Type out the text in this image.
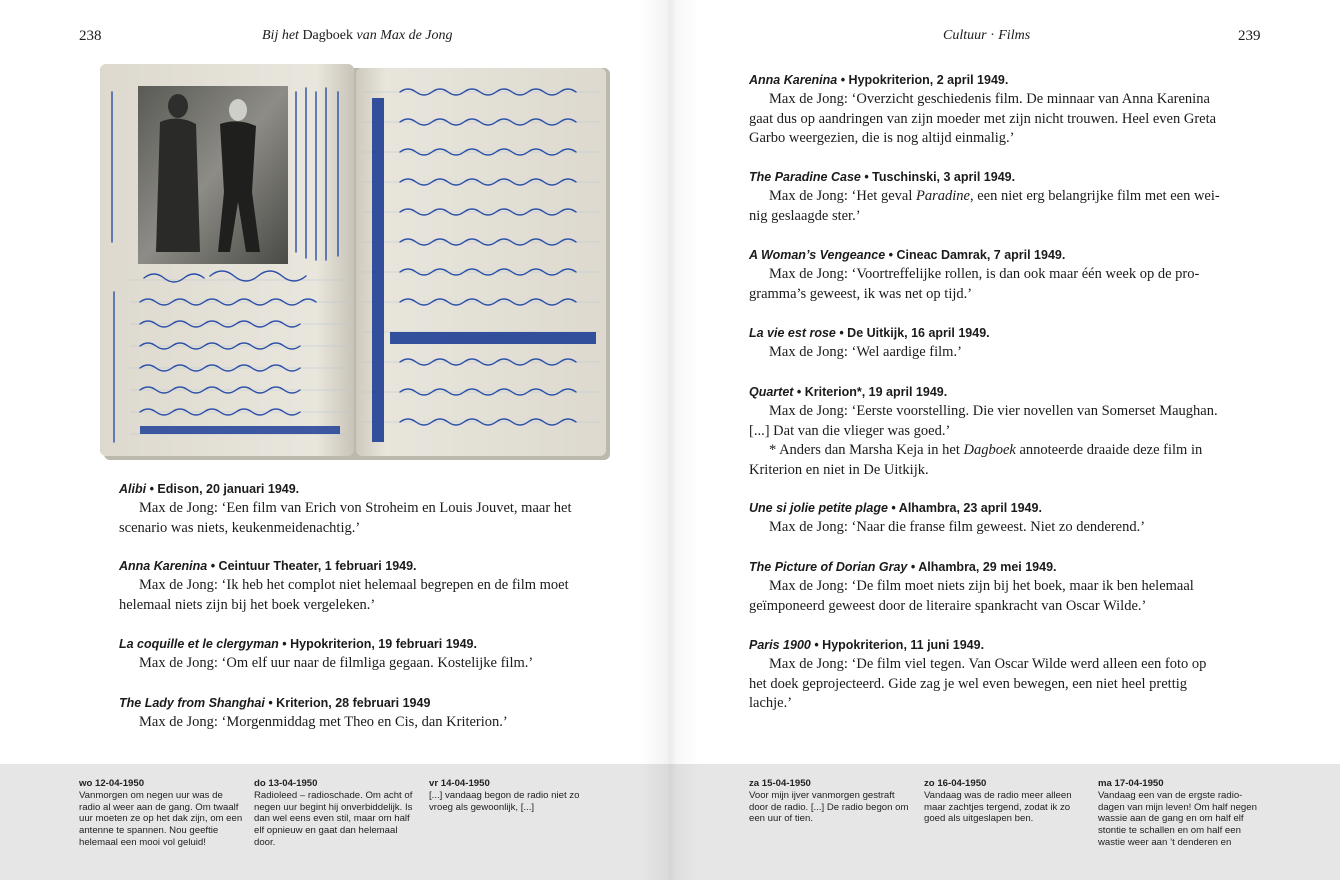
238	Bij het Dagboek van Max de Jong
Alibi • Edison, 20 januari 1949.

Max de Jong: ‘Een film van Erich von Stroheim en Louis Jouvet, maar het scenario was niets, keukenmeidenachtig.’

Anna Karenina • Ceintuur Theater, 1 februari 1949.

Max de Jong: ‘Ik heb het complot niet helemaal begrepen en de film moet helemaal niets zijn bij het boek vergeleken.’

La coquille et le clergyman • Hypokriterion, 19 februari 1949.

Max de Jong: ‘Om elf uur naar de filmliga gegaan. Kostelijke film.’

The Lady from Shanghai • Kriterion, 28 februari 1949

Max de Jong: ‘Morgenmiddag met Theo en Cis, dan Kriterion.’

wo 12-04-1950
Vanmorgen om negen uur was de radio al weer aan de gang. Om twaalf uur moeten ze op het dak zijn, om een antenne te spannen. Nou geeftie helemaal een mooi vol geluid!
do 13-04-1950
Radioleed – radioschade. Om acht of negen uur begint hij onverbiddelijk. Is dan wel eens even stil, maar om half elf opnieuw en gaat dan helemaal door.
vr 14-04-1950
[...] vandaag begon de radio niet zo vroeg als gewoonlijk, [...]
Cultuur · Films	239
Anna Karenina • Hypokriterion, 2 april 1949.

Max de Jong: ‘Overzicht geschiedenis film. De minnaar van Anna Karenina gaat dus op aandringen van zijn moeder met zijn nicht trouwen. Heel even Greta Garbo weergezien, die is nog altijd einmalig.’

The Paradine Case • Tuschinski, 3 april 1949.

Max de Jong: ‘Het geval Paradine, een niet erg belangrijke film met een weinig geslaagde ster.’

A Woman’s Vengeance • Cineac Damrak, 7 april 1949.

Max de Jong: ‘Voortreffelijke rollen, is dan ook maar één week op de programma’s geweest, ik was net op tijd.’

La vie est rose • De Uitkijk, 16 april 1949.

Max de Jong: ‘Wel aardige film.’

Quartet • Kriterion*, 19 april 1949.

Max de Jong: ‘Eerste voorstelling. Die vier novellen van Somerset Maughan. [...] Dat van die vlieger was goed.’

* Anders dan Marsha Keja in het Dagboek annoteerde draaide deze film in Kriterion en niet in De Uitkijk.

Une si jolie petite plage • Alhambra, 23 april 1949.

Max de Jong: ‘Naar die franse film geweest. Niet zo denderend.’

The Picture of Dorian Gray • Alhambra, 29 mei 1949.

Max de Jong: ‘De film moet niets zijn bij het boek, maar ik ben helemaal geïmponeerd geweest door de literaire spankracht van Oscar Wilde.’

Paris 1900 • Hypokriterion, 11 juni 1949.

Max de Jong: ‘De film viel tegen. Van Oscar Wilde werd alleen een foto op het doek geprojecteerd. Gide zag je wel even bewegen, een niet heel prettig lachje.’

za 15-04-1950
Voor mijn ijver vanmorgen gestraft door de radio. [...] De radio begon om een uur of tien.
zo 16-04-1950
Vandaag was de radio meer alleen maar zachtjes tergend, zodat ik zo goed als uitgeslapen ben.
ma 17-04-1950
Vandaag een van de ergste radiodagen van mijn leven! Om half negen wassie aan de gang en om half elf stontie te schallen en om half een wastie weer aan ’t denderen en
